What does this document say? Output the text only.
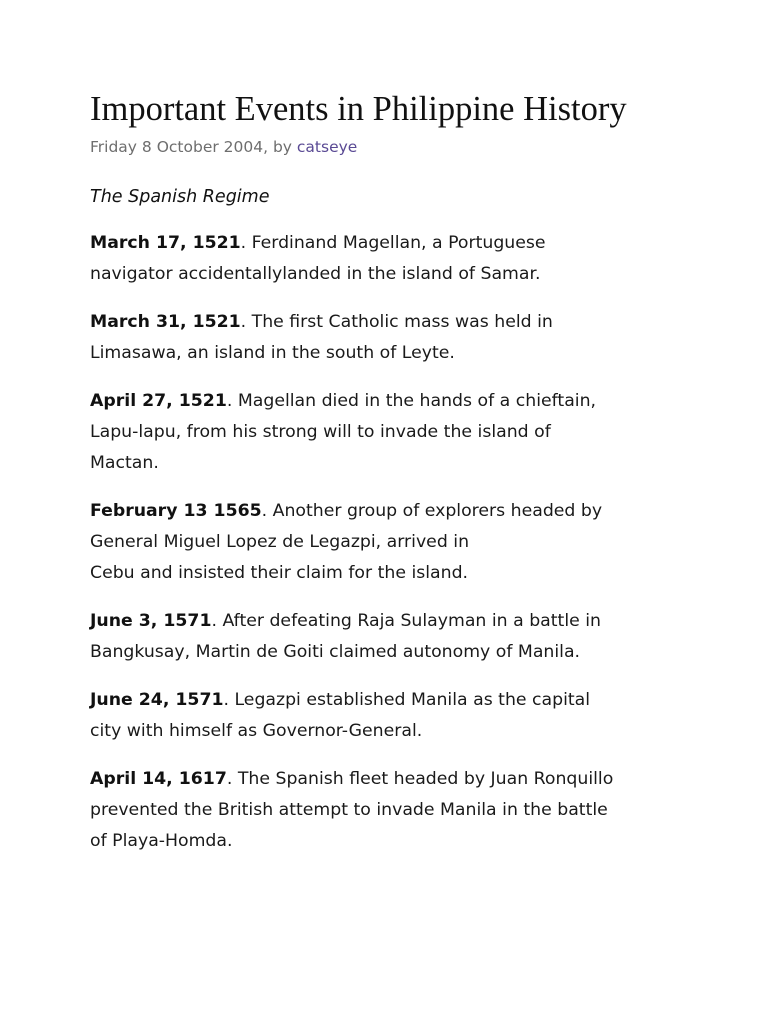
Important Events in Philippine History
Friday 8 October 2004, by catseye
The Spanish Regime

March 17, 1521. Ferdinand Magellan, a Portuguese
navigator accidentallylanded in the island of Samar.

March 31, 1521. The first Catholic mass was held in
Limasawa, an island in the south of Leyte.

April 27, 1521. Magellan died in the hands of a chieftain,
Lapu-lapu, from his strong will to invade the island of
Mactan.

February 13 1565. Another group of explorers headed by
General Miguel Lopez de Legazpi, arrived in
Cebu and insisted their claim for the island.

June 3, 1571. After defeating Raja Sulayman in a battle in
Bangkusay, Martin de Goiti claimed autonomy of Manila.

June 24, 1571. Legazpi established Manila as the capital
city with himself as Governor-General.

April 14, 1617. The Spanish fleet headed by Juan Ronquillo
prevented the British attempt to invade Manila in the battle
of Playa-Homda.
